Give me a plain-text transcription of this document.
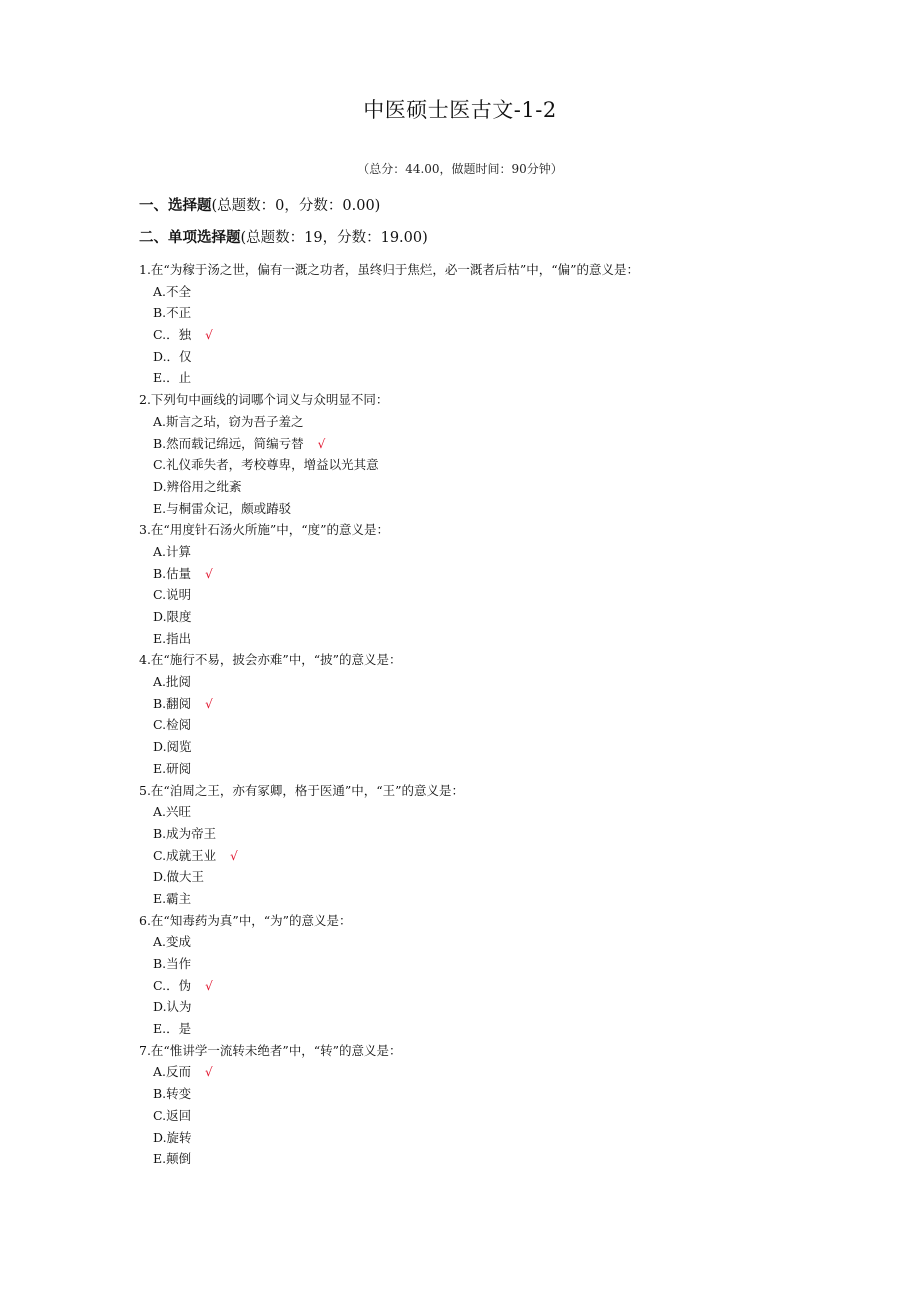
中医硕士医古文-1-2
（总分：44.00，做题时间：90分钟）
一、选择题(总题数：0，分数：0.00)
二、单项选择题(总题数：19，分数：19.00)
1.在“为稼于汤之世，偏有一溉之功者，虽终归于焦烂，必一溉者后枯”中，“偏”的意义是：
A.不全
B.不正
C.．独 √
D.．仅
E.．止
2.下列句中画线的词哪个词义与众明显不同：
A.斯言之玷，窃为吾子羞之
B.然而载记绵远，简编亏替 √
C.礼仪乖失者，考校尊卑，增益以光其意
D.辨俗用之纰紊
E.与桐雷众记，颇或踳驳
3.在“用度针石汤火所施”中，“度”的意义是：
A.计算
B.估量 √
C.说明
D.限度
E.指出
4.在“施行不易，披会亦难”中，“披”的意义是：
A.批阅
B.翻阅 √
C.检阅
D.阅览
E.研阅
5.在“洎周之王，亦有冢卿，格于医通”中，“王”的意义是：
A.兴旺
B.成为帝王
C.成就王业 √
D.做大王
E.霸主
6.在“知毒药为真”中，“为”的意义是：
A.变成
B.当作
C.．伪 √
D.认为
E.．是
7.在“惟讲学一流转未绝者”中，“转”的意义是：
A.反而 √
B.转变
C.返回
D.旋转
E.颠倒
